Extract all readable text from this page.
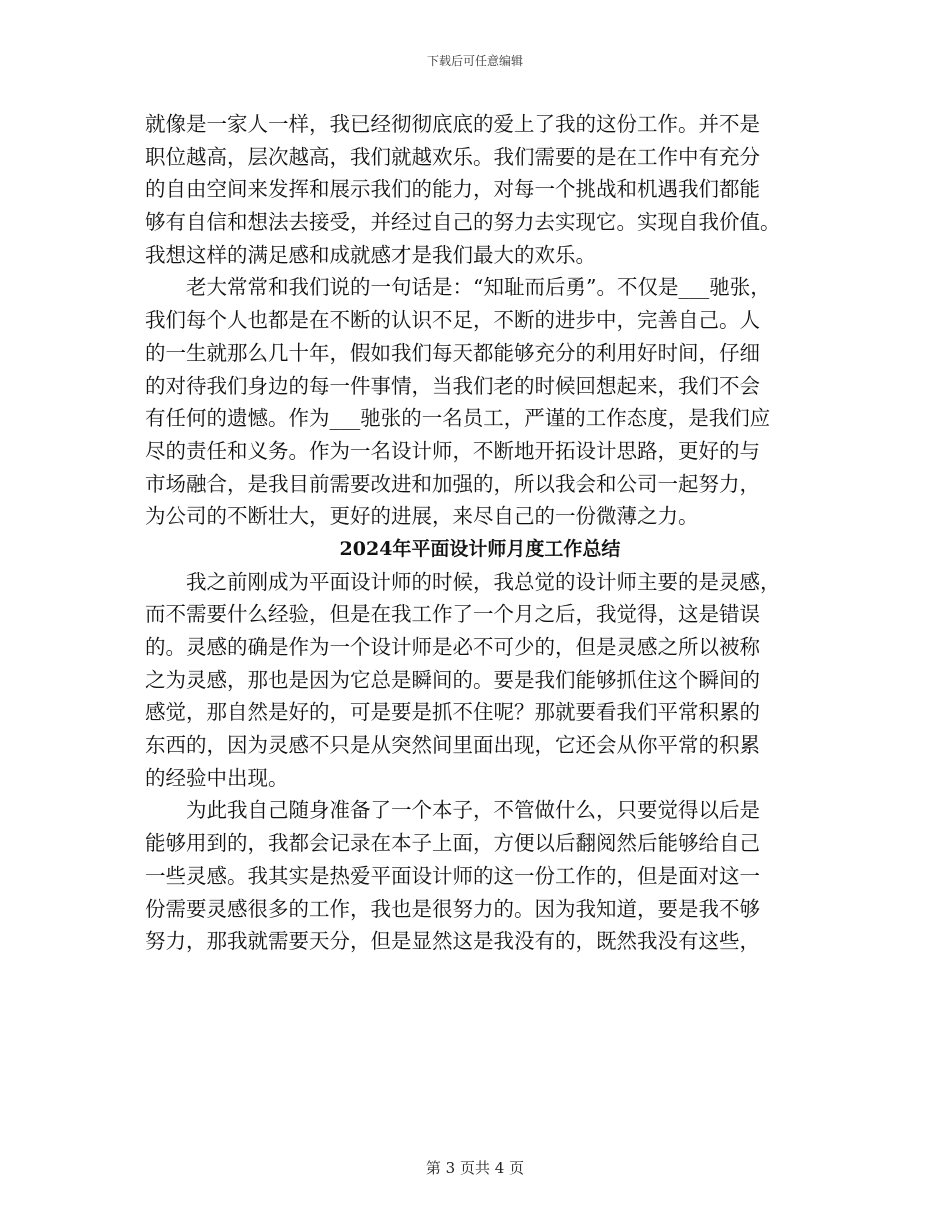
下载后可任意编辑
就像是一家人一样，我已经彻彻底底的爱上了我的这份工作。并不是
职位越高，层次越高，我们就越欢乐。我们需要的是在工作中有充分
的自由空间来发挥和展示我们的能力，对每一个挑战和机遇我们都能
够有自信和想法去接受，并经过自己的努力去实现它。实现自我价值。
我想这样的满足感和成就感才是我们最大的欢乐。
　　老大常常和我们说的一句话是：“知耻而后勇”。不仅是___驰张，
我们每个人也都是在不断的认识不足，不断的进步中，完善自己。人
的一生就那么几十年，假如我们每天都能够充分的利用好时间，仔细
的对待我们身边的每一件事情，当我们老的时候回想起来，我们不会
有任何的遗憾。作为___驰张的一名员工，严谨的工作态度，是我们应
尽的责任和义务。作为一名设计师，不断地开拓设计思路，更好的与
市场融合，是我目前需要改进和加强的，所以我会和公司一起努力，
为公司的不断壮大，更好的进展，来尽自己的一份微薄之力。
2024年平面设计师月度工作总结
　　我之前刚成为平面设计师的时候，我总觉的设计师主要的是灵感，
而不需要什么经验，但是在我工作了一个月之后，我觉得，这是错误
的。灵感的确是作为一个设计师是必不可少的，但是灵感之所以被称
之为灵感，那也是因为它总是瞬间的。要是我们能够抓住这个瞬间的
感觉，那自然是好的，可是要是抓不住呢？那就要看我们平常积累的
东西的，因为灵感不只是从突然间里面出现，它还会从你平常的积累
的经验中出现。
　　为此我自己随身准备了一个本子，不管做什么，只要觉得以后是
能够用到的，我都会记录在本子上面，方便以后翻阅然后能够给自己
一些灵感。我其实是热爱平面设计师的这一份工作的，但是面对这一
份需要灵感很多的工作，我也是很努力的。因为我知道，要是我不够
努力，那我就需要天分，但是显然这是我没有的，既然我没有这些，
第 3 页共 4 页
